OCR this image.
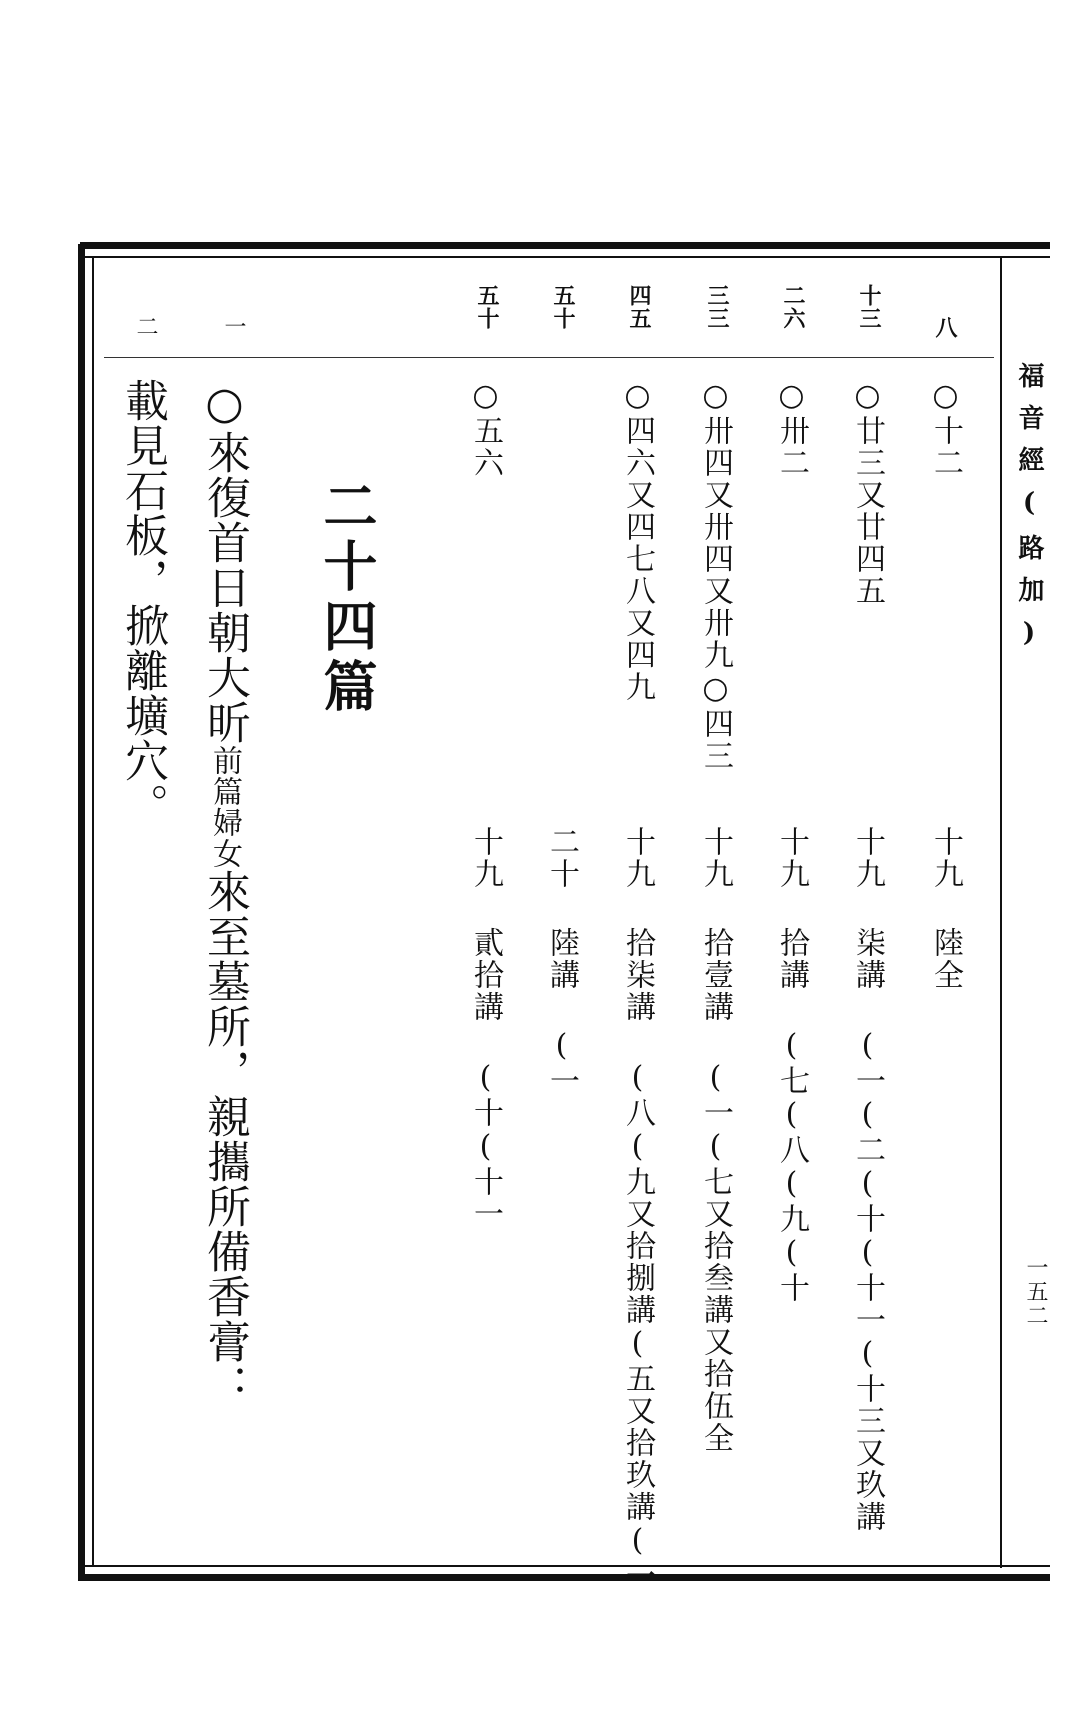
福音經(路加)
一五二
八
○十二
十九 陸全
十三
○廿三又廿四五
十九 柒講 (一(二(十(十一(十三又玖講
二六
○卅二
十九 拾講 (七(八(九(十
三三
○卅四又卅四又卅九○四三
十九 拾壹講 (一(七又拾叁講又拾伍全
四五
○四六又四七八又四九
十九 拾柒講 (八(九又拾捌講(五又拾玖講(一
五十
二十 陸講 (一
五十
○五六
十九 貳拾講 (十(十一
二十四篇
一
○來復首日朝大昕前篇婦女來至墓所，親攜所備香膏：
二
載見石板，掀離壙穴。
